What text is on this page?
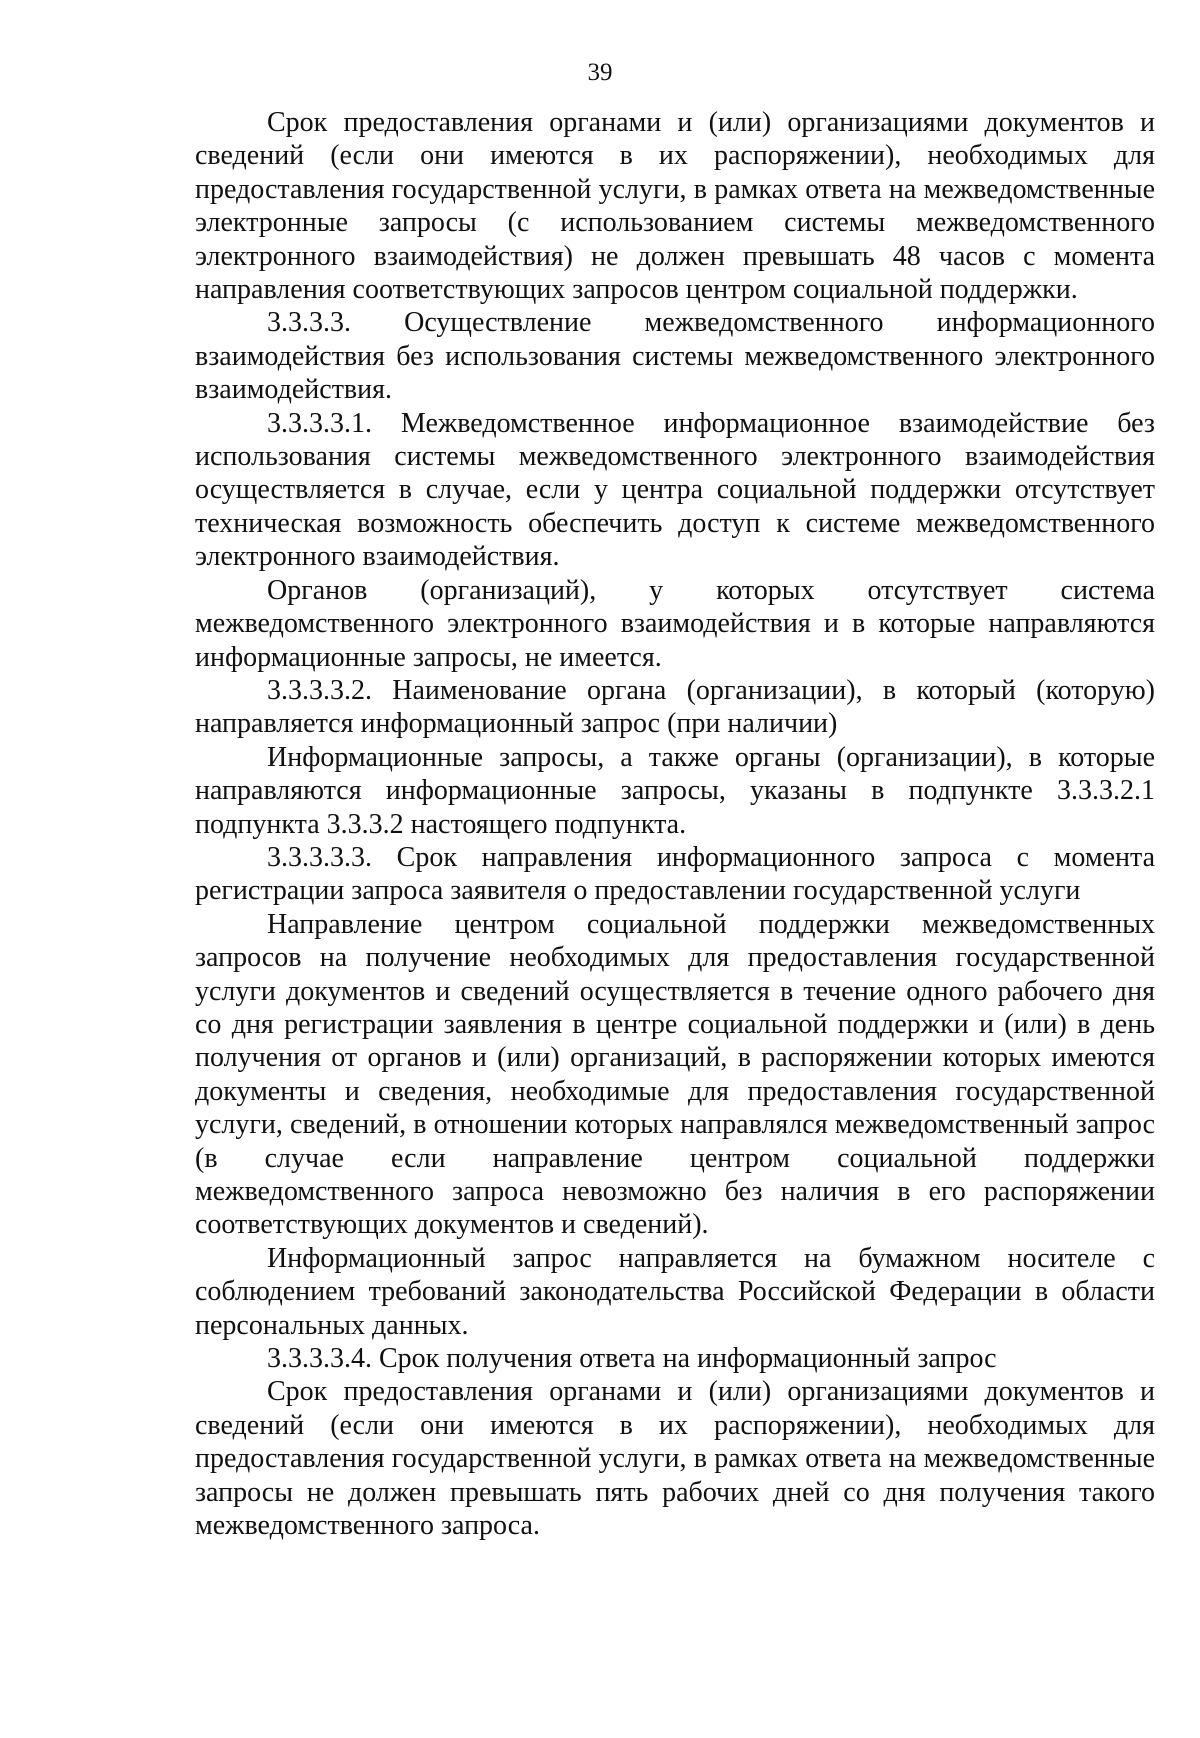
39

Срок предоставления органами и (или) организациями документов и сведений (если они имеются в их распоряжении), необходимых для предоставления государственной услуги, в рамках ответа на межведомственные электронные запросы (с использованием системы межведомственного электронного взаимодействия) не должен превышать 48 часов с момента направления соответствующих запросов центром социальной поддержки.

3.3.3.3. Осуществление межведомственного информационного взаимодействия без использования системы межведомственного электронного взаимодействия.

3.3.3.3.1. Межведомственное информационное взаимодействие без использования системы межведомственного электронного взаимодействия осуществляется в случае, если у центра социальной поддержки отсутствует техническая возможность обеспечить доступ к системе межведомственного электронного взаимодействия.

Органов (организаций), у которых отсутствует система межведомственного электронного взаимодействия и в которые направляются информационные запросы, не имеется.

3.3.3.3.2. Наименование органа (организации), в который (которую) направляется информационный запрос (при наличии)

Информационные запросы, а также органы (организации), в которые направляются информационные запросы, указаны в подпункте 3.3.3.2.1 подпункта 3.3.3.2 настоящего подпункта.

3.3.3.3.3. Срок направления информационного запроса с момента регистрации запроса заявителя о предоставлении государственной услуги

Направление центром социальной поддержки межведомственных запросов на получение необходимых для предоставления государственной услуги документов и сведений осуществляется в течение одного рабочего дня со дня регистрации заявления в центре социальной поддержки и (или) в день получения от органов и (или) организаций, в распоряжении которых имеются документы и сведения, необходимые для предоставления государственной услуги, сведений, в отношении которых направлялся межведомственный запрос (в случае если направление центром социальной поддержки межведомственного запроса невозможно без наличия в его распоряжении соответствующих документов и сведений).

Информационный запрос направляется на бумажном носителе с соблюдением требований законодательства Российской Федерации в области персональных данных.

3.3.3.3.4. Срок получения ответа на информационный запрос

Срок предоставления органами и (или) организациями документов и сведений (если они имеются в их распоряжении), необходимых для предоставления государственной услуги, в рамках ответа на межведомственные запросы не должен превышать пять рабочих дней со дня получения такого межведомственного запроса.
